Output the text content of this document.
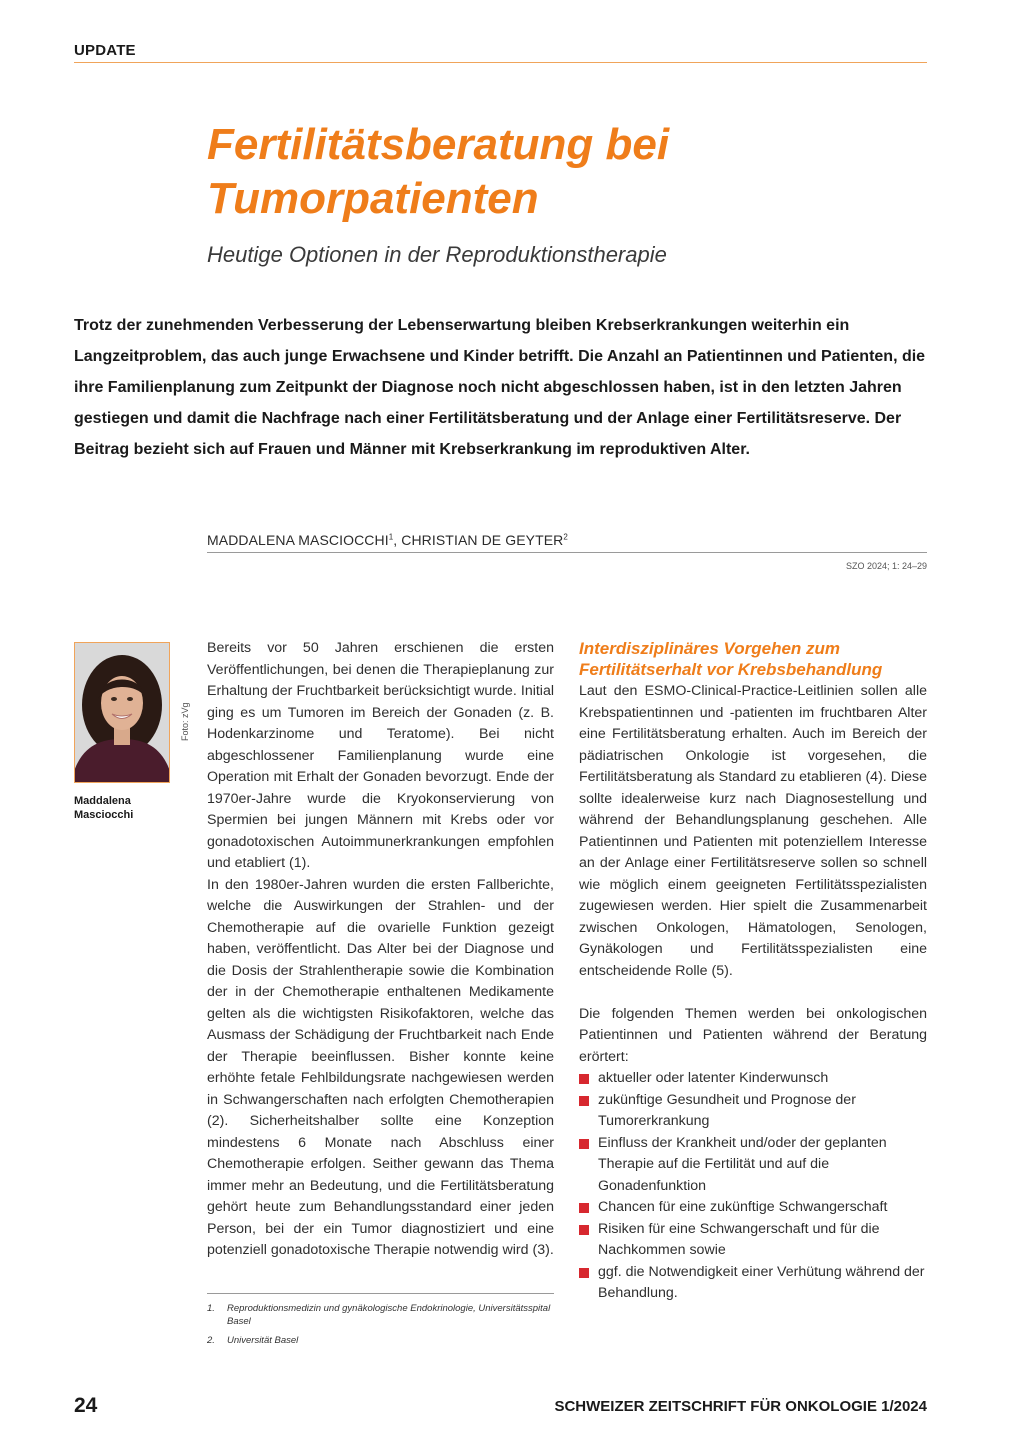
UPDATE
Fertilitätsberatung bei Tumorpatienten
Heutige Optionen in der Reproduktionstherapie

Trotz der zunehmenden Verbesserung der Lebenserwartung bleiben Krebserkrankungen weiterhin ein Langzeitproblem, das auch junge Erwachsene und Kinder betrifft. Die Anzahl an Patientinnen und Patienten, die ihre Familienplanung zum Zeitpunkt der Diagnose noch nicht abgeschlossen haben, ist in den letzten Jahren gestiegen und damit die Nachfrage nach einer Fertilitätsberatung und der Anlage einer Fertilitätsreserve. Der Beitrag bezieht sich auf Frauen und Männer mit Krebserkrankung im reproduktiven Alter.

MADDALENA MASCIOCCHI$^1$, CHRISTIAN DE GEYTER$^2$
SZO 2024; 1: 24–29
Foto: zVg
Maddalena
Masciocchi

Bereits vor 50 Jahren erschienen die ersten Veröffentlichungen, bei denen die Therapieplanung zur Erhaltung der Fruchtbarkeit berücksichtigt wurde. Initial ging es um Tumoren im Bereich der Gonaden (z. B. Hodenkarzinome und Teratome). Bei nicht abgeschlossener Familienplanung wurde eine Operation mit Erhalt der Gonaden bevorzugt. Ende der 1970er-Jahre wurde die Kryokonservierung von Spermien bei jungen Männern mit Krebs oder vor gonadotoxischen Autoimmunerkrankungen empfohlen und etabliert (1).

In den 1980er-Jahren wurden die ersten Fallberichte, welche die Auswirkungen der Strahlen- und der Chemotherapie auf die ovarielle Funktion gezeigt haben, veröffentlicht. Das Alter bei der Diagnose und die Dosis der Strahlentherapie sowie die Kombination der in der Chemotherapie enthaltenen Medikamente gelten als die wichtigsten Risikofaktoren, welche das Ausmass der Schädigung der Fruchtbarkeit nach Ende der Therapie beeinflussen. Bisher konnte keine erhöhte fetale Fehlbildungsrate nachgewiesen werden in Schwangerschaften nach erfolgten Chemotherapien (2). Sicherheitshalber sollte eine Konzeption mindestens 6 Monate nach Abschluss einer Chemotherapie erfolgen. Seither gewann das Thema immer mehr an Bedeutung, und die Fertilitätsberatung gehört heute zum Behandlungsstandard einer jeden Person, bei der ein Tumor diagnostiziert und eine potenziell gonadotoxische Therapie notwendig wird (3).

1.	Reproduktionsmedizin und gynäkologische Endokrinologie, Universitätsspital Basel
2.	Universität Basel
Interdisziplinäres Vorgehen zum Fertilitätserhalt vor Krebsbehandlung

Laut den ESMO-Clinical-Practice-Leitlinien sollen alle Krebspatientinnen und -patienten im fruchtbaren Alter eine Fertilitätsberatung erhalten. Auch im Bereich der pädiatrischen Onkologie ist vorgesehen, die Fertilitätsberatung als Standard zu etablieren (4). Diese sollte idealerweise kurz nach Diagnosestellung und während der Behandlungsplanung geschehen. Alle Patientinnen und Patienten mit potenziellem Interesse an der Anlage einer Fertilitätsreserve sollen so schnell wie möglich einem geeigneten Fertilitätsspezialisten zugewiesen werden. Hier spielt die Zusammenarbeit zwischen Onkologen, Hämatologen, Senologen, Gynäkologen und Fertilitätsspezialisten eine entscheidende Rolle (5).

Die folgenden Themen werden bei onkologischen Patientinnen und Patienten während der Beratung erörtert:

aktueller oder latenter Kinderwunsch
zukünftige Gesundheit und Prognose der Tumorerkrankung
Einfluss der Krankheit und/oder der geplanten Therapie auf die Fertilität und auf die Gonadenfunktion
Chancen für eine zukünftige Schwangerschaft
Risiken für eine Schwangerschaft und für die Nachkommen sowie
ggf. die Notwendigkeit einer Verhütung während der Behandlung.
24	SCHWEIZER ZEITSCHRIFT FÜR ONKOLOGIE 1/2024
